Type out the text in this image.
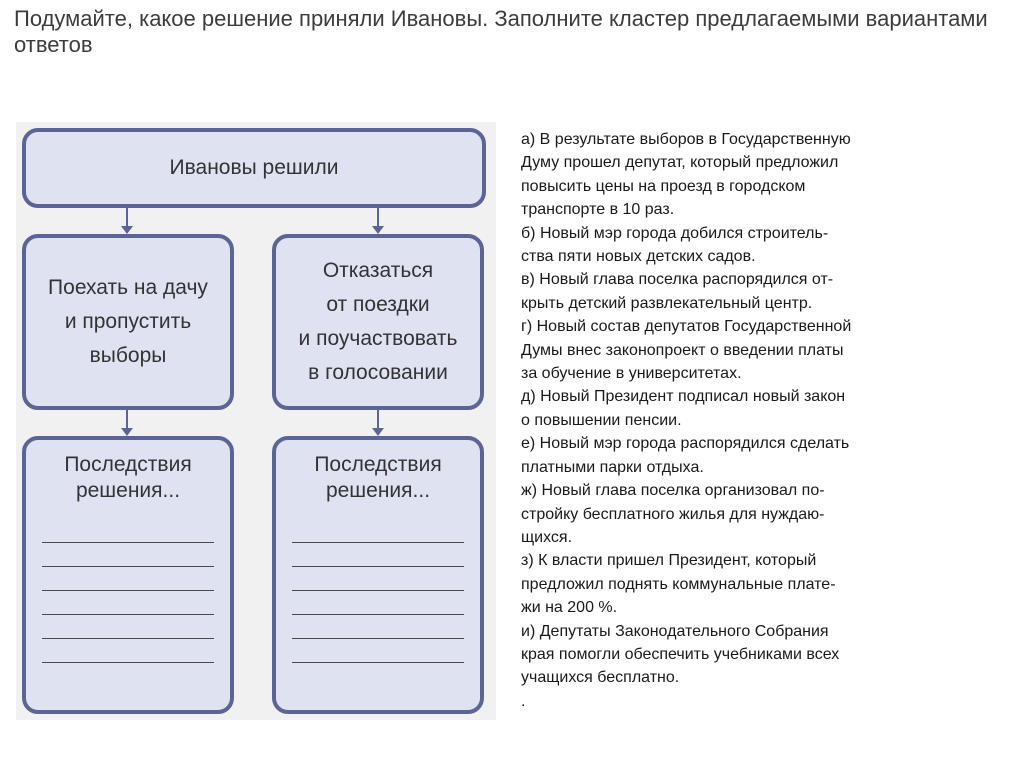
Подумайте, какое решение приняли Ивановы. Заполните кластер предлагаемыми вариантами ответов
Ивановы решили
Поехать на дачу
и пропустить
выборы
Отказаться
от поездки
и поучаствовать
в голосовании
Последствия
решения...
Последствия
решения...
а) В результате выборов в Государственную
Думу прошел депутат, который предложил
повысить цены на проезд в городском
транспорте в 10 раз.
б) Новый мэр города добился строитель-
ства пяти новых детских садов.
в) Новый глава поселка распорядился от-
крыть детский развлекательный центр.
г) Новый состав депутатов Государственной
Думы внес законопроект о введении платы
за обучение в университетах.
д) Новый Президент подписал новый закон
о повышении пенсии.
е) Новый мэр города распорядился сделать
платными парки отдыха.
ж) Новый глава поселка организовал по-
стройку бесплатного жилья для нуждаю-
щихся.
з) К власти пришел Президент, который
предложил поднять коммунальные плате-
жи на 200 %.
и) Депутаты Законодательного Собрания
края помогли обеспечить учебниками всех
учащихся бесплатно.
.
